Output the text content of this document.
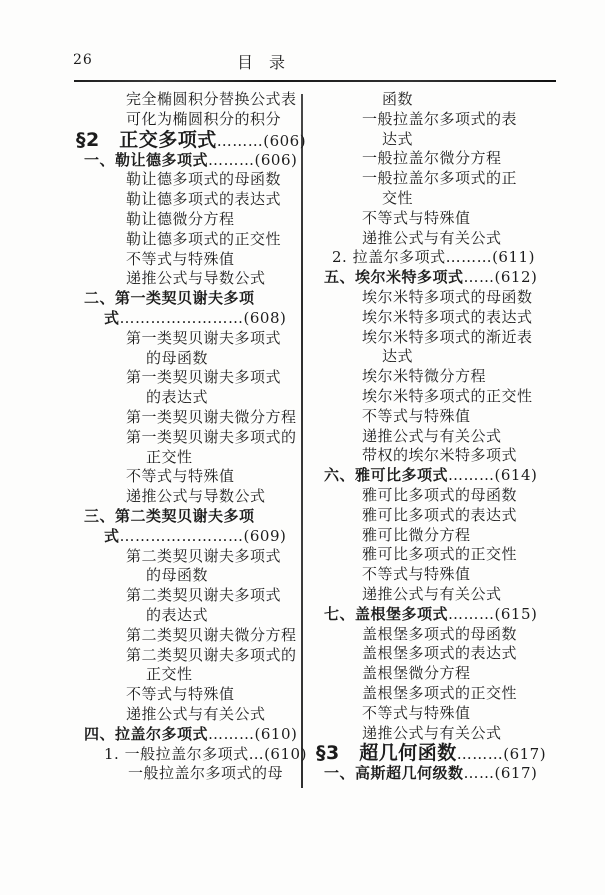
26	目　录
完全椭圆积分替换公式表
可化为椭圆积分的积分
§2　正交多项式………(606)
一、勒让德多项式………(606)
勒让德多项式的母函数
勒让德多项式的表达式
勒让德微分方程
勒让德多项式的正交性
不等式与特殊值
递推公式与导数公式
二、第一类契贝谢夫多项
式……………………(608)
第一类契贝谢夫多项式
的母函数
第一类契贝谢夫多项式
的表达式
第一类契贝谢夫微分方程
第一类契贝谢夫多项式的
正交性
不等式与特殊值
递推公式与导数公式
三、第二类契贝谢夫多项
式……………………(609)
第二类契贝谢夫多项式
的母函数
第二类契贝谢夫多项式
的表达式
第二类契贝谢夫微分方程
第二类契贝谢夫多项式的
正交性
不等式与特殊值
递推公式与有关公式
四、拉盖尔多项式………(610)
1. 一般拉盖尔多项式…(610)
一般拉盖尔多项式的母
函数
一般拉盖尔多项式的表
达式
一般拉盖尔微分方程
一般拉盖尔多项式的正
交性
不等式与特殊值
递推公式与有关公式
2. 拉盖尔多项式………(611)
五、埃尔米特多项式……(612)
埃尔米特多项式的母函数
埃尔米特多项式的表达式
埃尔米特多项式的渐近表
达式
埃尔米特微分方程
埃尔米特多项式的正交性
不等式与特殊值
递推公式与有关公式
带权的埃尔米特多项式
六、雅可比多项式………(614)
雅可比多项式的母函数
雅可比多项式的表达式
雅可比微分方程
雅可比多项式的正交性
不等式与特殊值
递推公式与有关公式
七、盖根堡多项式………(615)
盖根堡多项式的母函数
盖根堡多项式的表达式
盖根堡微分方程
盖根堡多项式的正交性
不等式与特殊值
递推公式与有关公式
§3　超几何函数………(617)
一、高斯超几何级数……(617)
